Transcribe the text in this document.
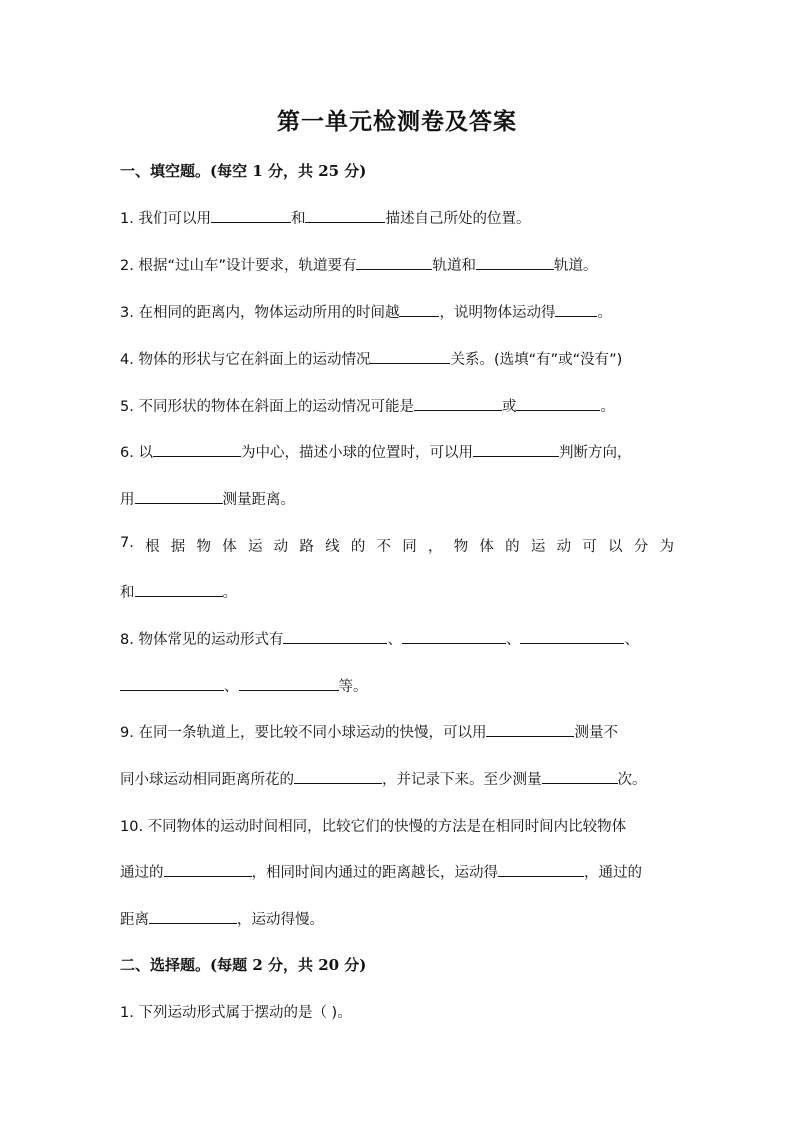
第一单元检测卷及答案
一、填空题。(每空 1 分，共 25 分)
1. 我们可以用	和	描述自己所处的位置。
2. 根据“过山车”设计要求，轨道要有	轨道和	轨道。
3. 在相同的距离内，物体运动所用的时间越	，说明物体运动得	。
4. 物体的形状与它在斜面上的运动情况	关系。(选填“有”或“没有”)
5. 不同形状的物体在斜面上的运动情况可能是	或	。
6. 以	为中心，描述小球的位置时，可以用	判断方向，
用	测量距离。
7. 根 据 物 体 运 动 路 线 的 不 同 ， 物 体 的 运 动 可 以 分 为
和	。
8. 物体常见的运动形式有	、	、	、
、	等。
9. 在同一条轨道上，要比较不同小球运动的快慢，可以用	测量不
同小球运动相同距离所花的	，并记录下来。至少测量	次。
10. 不同物体的运动时间相同，比较它们的快慢的方法是在相同时间内比较物体
通过的	，相同时间内通过的距离越长，运动得	，通过的
距离	，运动得慢。
二、选择题。(每题 2 分，共 20 分)
1. 下列运动形式属于摆动的是（ )。
